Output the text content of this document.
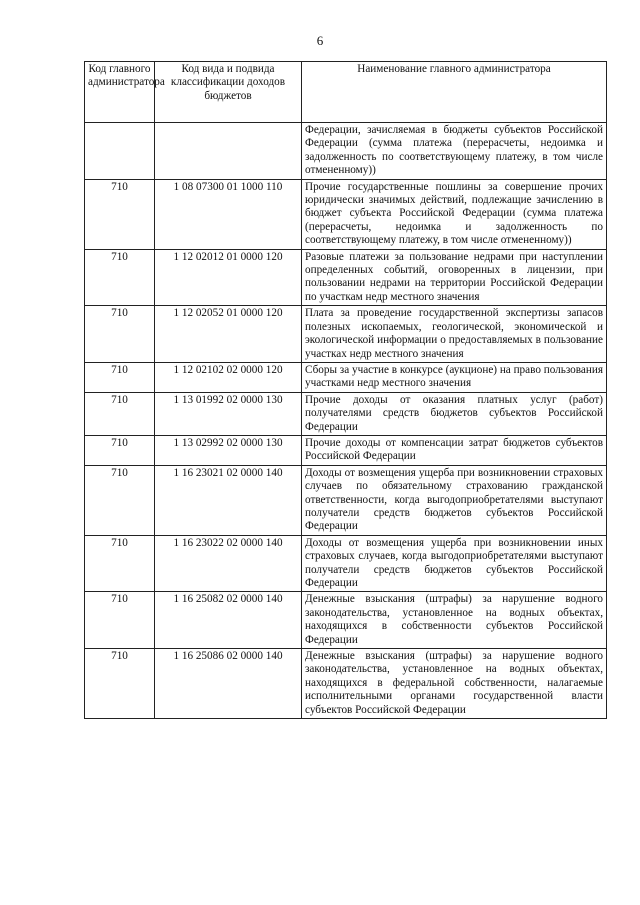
6
Код главного администратора	Код вида и подвида классификации доходов бюджетов	Наименование главного администратора
		Федерации, зачисляемая в бюджеты субъектов Российской Федерации (сумма платежа (перерасчеты, недоимка и задолженность по соответствующему платежу, в том числе отмененному))
710	1 08 07300 01 1000 110	Прочие государственные пошлины за совершение прочих юридически значимых действий, подлежащие зачислению в бюджет субъекта Российской Федерации (сумма платежа (перерасчеты, недоимка и задолженность по соответствующему платежу, в том числе отмененному))
710	1 12 02012 01 0000 120	Разовые платежи за пользование недрами при наступлении определенных событий, оговоренных в лицензии, при пользовании недрами на территории Российской Федерации по участкам недр местного значения
710	1 12 02052 01 0000 120	Плата за проведение государственной экспертизы запасов полезных ископаемых, геологической, экономической и экологической информации о предоставляемых в пользование участках недр местного значения
710	1 12 02102 02 0000 120	Сборы за участие в конкурсе (аукционе) на право пользования участками недр местного значения
710	1 13 01992 02 0000 130	Прочие доходы от оказания платных услуг (работ) получателями средств бюджетов субъектов Российской Федерации
710	1 13 02992 02 0000 130	Прочие доходы от компенсации затрат бюджетов субъектов Российской Федерации
710	1 16 23021 02 0000 140	Доходы от возмещения ущерба при возникновении страховых случаев по обязательному страхованию гражданской ответственности, когда выгодоприобретателями выступают получатели средств бюджетов субъектов Российской Федерации
710	1 16 23022 02 0000 140	Доходы от возмещения ущерба при возникновении иных страховых случаев, когда выгодоприобретателями выступают получатели средств бюджетов субъектов Российской Федерации
710	1 16 25082 02 0000 140	Денежные взыскания (штрафы) за нарушение водного законодательства, установленное на водных объектах, находящихся в собственности субъектов Российской Федерации
710	1 16 25086 02 0000 140	Денежные взыскания (штрафы) за нарушение водного законодательства, установленное на водных объектах, находящихся в федеральной собственности, налагаемые исполнительными органами государственной власти субъектов Российской Федерации
